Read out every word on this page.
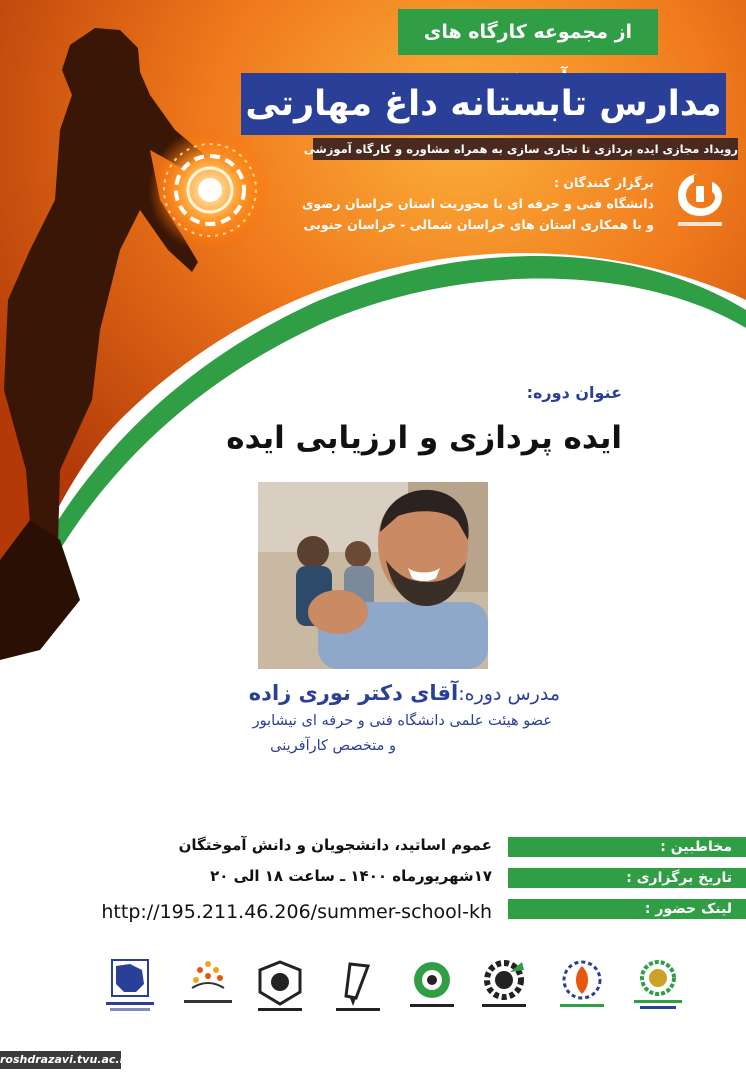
از مجموعه کارگاه های
مدارس تابستانه داغ مهارتی
رویداد مجازی ایده پردازی تا تجاری سازی به همراه مشاوره و کارگاه آموزشی
برگزار کنندگان :
دانشگاه فنی و حرفه ای با محوریت استان خراسان رضوی
و با همکاری استان های خراسان شمالی - خراسان جنوبی
عنوان دوره:
ایده پردازی و ارزیابی ایده
مدرس دوره:آقای دکتر نوری زاده
عضو هیئت علمی دانشگاه فنی و حرفه ای نیشابور
و متخصص کارآفرینی
مخاطبین :
عموم اساتید، دانشجویان و دانش آموختگان
تاریخ برگزاری :
۱۷شهریورماه ۱۴۰۰ ـ ساعت ۱۸ الی ۲۰
لینک حضور :
http://195.211.46.206/summer-school-kh
roshdrazavi.tvu.ac.ir
